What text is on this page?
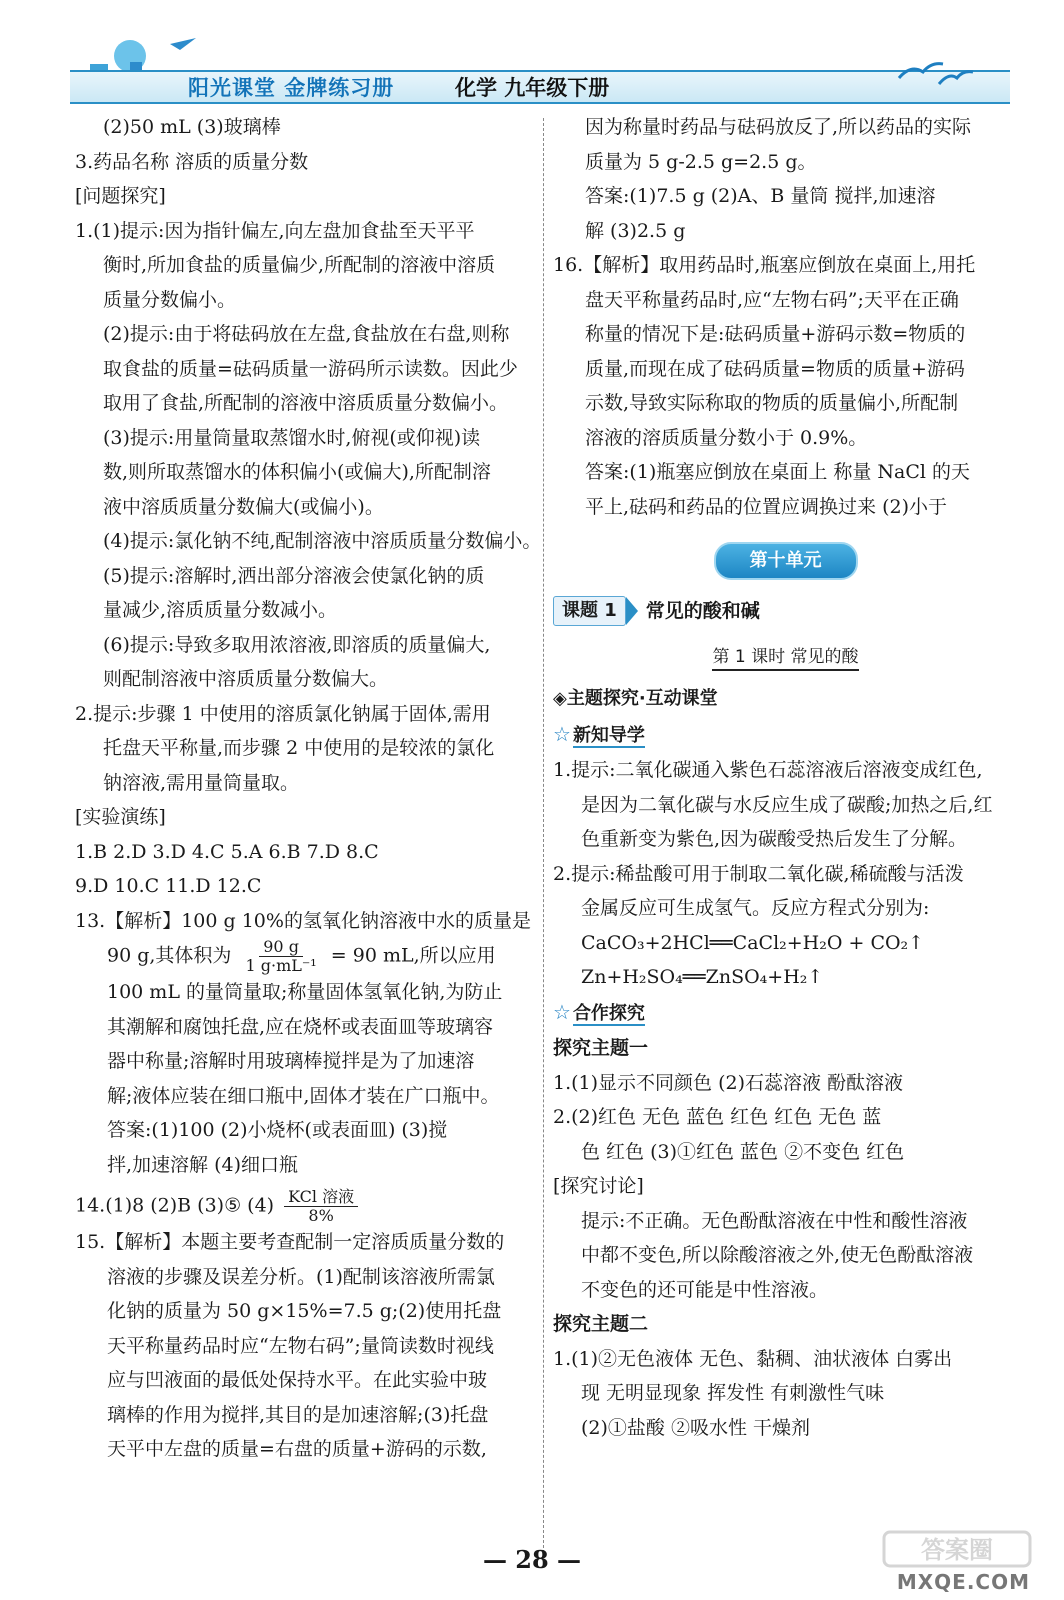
阳光课堂 金牌练习册	化学 九年级下册
(2)50 mL (3)玻璃棒
3.药品名称 溶质的质量分数
[问题探究]
1.(1)提示:因为指针偏左,向左盘加食盐至天平平
衡时,所加食盐的质量偏少,所配制的溶液中溶质
质量分数偏小。
(2)提示:由于将砝码放在左盘,食盐放在右盘,则称
取食盐的质量=砝码质量一游码所示读数。因此少
取用了食盐,所配制的溶液中溶质质量分数偏小。
(3)提示:用量筒量取蒸馏水时,俯视(或仰视)读
数,则所取蒸馏水的体积偏小(或偏大),所配制溶
液中溶质质量分数偏大(或偏小)。
(4)提示:氯化钠不纯,配制溶液中溶质质量分数偏小。
(5)提示:溶解时,洒出部分溶液会使氯化钠的质
量减少,溶质质量分数减小。
(6)提示:导致多取用浓溶液,即溶质的质量偏大,
则配制溶液中溶质质量分数偏大。
2.提示:步骤 1 中使用的溶质氯化钠属于固体,需用
托盘天平称量,而步骤 2 中使用的是较浓的氯化
钠溶液,需用量筒量取。
[实验演练]
1.B 2.D 3.D 4.C 5.A 6.B 7.D 8.C
9.D 10.C 11.D 12.C
13.【解析】100 g 10%的氢氧化钠溶液中水的质量是
90 g,其体积为 $\frac{90 g}{\text{1 g·mL⁻¹}} = 90$ mL,所以应用
100 mL 的量筒量取;称量固体氢氧化钠,为防止
其潮解和腐蚀托盘,应在烧杯或表面皿等玻璃容
器中称量;溶解时用玻璃棒搅拌是为了加速溶
解;液体应装在细口瓶中,固体才装在广口瓶中。
答案:(1)100 (2)小烧杯(或表面皿) (3)搅
拌,加速溶解 (4)细口瓶
14.(1)8 (2)B (3)⑤ $(4) \frac{\text{KCl 溶液}}{8\%}$
15.【解析】本题主要考查配制一定溶质质量分数的
溶液的步骤及误差分析。(1)配制该溶液所需氯
化钠的质量为 50 g×15%=7.5 g;(2)使用托盘
天平称量药品时应“左物右码”;量筒读数时视线
应与凹液面的最低处保持水平。在此实验中玻
璃棒的作用为搅拌,其目的是加速溶解;(3)托盘
天平中左盘的质量=右盘的质量+游码的示数,
因为称量时药品与砝码放反了,所以药品的实际
质量为 5 g-2.5 g=2.5 g。
答案:(1)7.5 g (2)A、B 量筒 搅拌,加速溶
解 (3)2.5 g
16.【解析】取用药品时,瓶塞应倒放在桌面上,用托
盘天平称量药品时,应“左物右码”;天平在正确
称量的情况下是:砝码质量+游码示数=物质的
质量,而现在成了砝码质量=物质的质量+游码
示数,导致实际称取的物质的质量偏小,所配制
溶液的溶质质量分数小于 0.9%。
答案:(1)瓶塞应倒放在桌面上 称量 NaCl 的天
平上,砝码和药品的位置应调换过来 (2)小于
第十单元
课题 1	常见的酸和碱
第 1 课时 常见的酸
◈主题探究·互动课堂
☆ 新知导学
1.提示:二氧化碳通入紫色石蕊溶液后溶液变成红色,
是因为二氧化碳与水反应生成了碳酸;加热之后,红
色重新变为紫色,因为碳酸受热后发生了分解。
2.提示:稀盐酸可用于制取二氧化碳,稀硫酸与活泼
金属反应可生成氢气。反应方程式分别为:
CaCO₃+2HCl══CaCl₂+H₂O + CO₂↑
Zn+H₂SO₄══ZnSO₄+H₂↑
☆ 合作探究
探究主题一
1.(1)显示不同颜色 (2)石蕊溶液 酚酞溶液
2.(2)红色 无色 蓝色 红色 红色 无色 蓝
色 红色 (3)①红色 蓝色 ②不变色 红色
[探究讨论]
提示:不正确。无色酚酞溶液在中性和酸性溶液
中都不变色,所以除酸溶液之外,使无色酚酞溶液
不变色的还可能是中性溶液。
探究主题二
1.(1)②无色液体 无色、黏稠、油状液体 白雾出
现 无明显现象 挥发性 有刺激性气味
(2)①盐酸 ②吸水性 干燥剂
— 28 —	答案圈
MXQE.COM
